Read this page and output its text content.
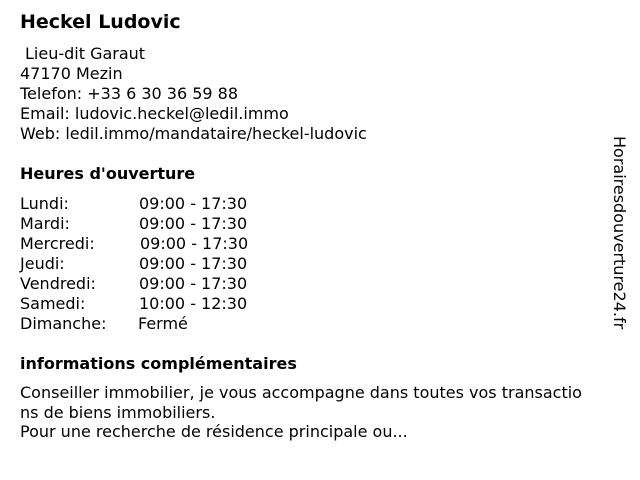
Heckel Ludovic
Lieu-dit Garaut
47170 Mezin
Telefon: +33 6 30 36 59 88
Email: ludovic.heckel@ledil.immo
Web: ledil.immo/mandataire/heckel-ludovic
Heures d'ouverture
Lundi:	09:00 - 17:30
Mardi:	09:00 - 17:30
Mercredi:	09:00 - 17:30
Jeudi:	09:00 - 17:30
Vendredi:	09:00 - 17:30
Samedi:	10:00 - 12:30
Dimanche: Fermé
informations complémentaires
Conseiller immobilier, je vous accompagne dans toutes vos transactio
ns de biens immobiliers.
Pour une recherche de résidence principale ou...
Horairesdouverture24.fr
